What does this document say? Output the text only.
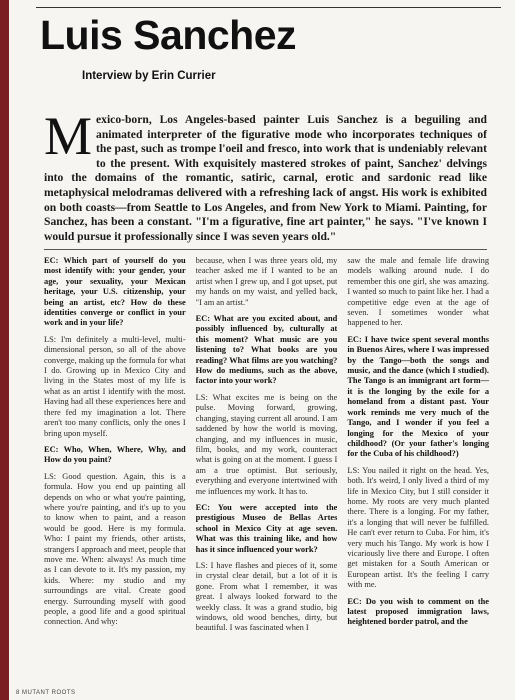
Luis Sanchez
Interview by Erin Currier
Mexico-born, Los Angeles-based painter Luis Sanchez is a beguiling and animated interpreter of the figurative mode who incorporates techniques of the past, such as trompe l'oeil and fresco, into work that is undeniably relevant to the present. With exquisitely mastered strokes of paint, Sanchez' delvings into the domains of the romantic, satiric, carnal, erotic and sardonic read like metaphysical melodramas delivered with a refreshing lack of angst. His work is exhibited on both coasts—from Seattle to Los Angeles, and from New York to Miami. Painting, for Sanchez, has been a constant. "I'm a figurative, fine art painter," he says. "I've known I would pursue it professionally since I was seven years old."

EC: Which part of yourself do you most identify with: your gender, your age, your sexuality, your Mexican heritage, your U.S. citizenship, your being an artist, etc? How do these identities converge or conflict in your work and in your life?

LS: I'm definitely a multi-level, multi-dimensional person, so all of the above converge, making up the formula for what I do. Growing up in Mexico City and living in the States most of my life is what as an artist I identify with the most. Having had all these experiences here and there fed my imagination a lot. There aren't too many conflicts, only the ones I bring upon myself.

EC: Who, When, Where, Why, and How do you paint?

LS: Good question. Again, this is a formula. How you end up painting all depends on who or what you're painting, where you're painting, and it's up to you to know when to paint, and a reason would be good. Here is my formula. Who: I paint my friends, other artists, strangers I approach and meet, people that move me. When: always! As much time as I can devote to it. It's my passion, my kids. Where: my studio and my surroundings are vital. Create good energy. Surrounding myself with good people, a good life and a good spiritual connection. And why:

because, when I was three years old, my teacher asked me if I wanted to be an artist when I grew up, and I got upset, put my hands on my waist, and yelled back, "I am an artist."

EC: What are you excited about, and possibly influenced by, culturally at this moment? What music are you listening to? What books are you reading? What films are you watching? How do mediums, such as the above, factor into your work?

LS: What excites me is being on the pulse. Moving forward, growing, changing, staying current all around. I am saddened by how the world is moving, changing, and my influences in music, film, books, and my work, counteract what is going on at the moment. I guess I am a true optimist. But seriously, everything and everyone intertwined with me influences my work. It has to.

EC: You were accepted into the prestigious Museo de Bellas Artes school in Mexico City at age seven. What was this training like, and how has it since influenced your work?

LS: I have flashes and pieces of it, some in crystal clear detail, but a lot of it is gone. From what I remember, it was great. I always looked forward to the weekly class. It was a grand studio, big windows, old wood benches, dirty, but beautiful. I was fascinated when I

saw the male and female life drawing models walking around nude. I do remember this one girl, she was amazing. I wanted so much to paint like her. I had a competitive edge even at the age of seven. I sometimes wonder what happened to her.

EC: I have twice spent several months in Buenos Aires, where I was impressed by the Tango—both the songs and music, and the dance (which I studied). The Tango is an immigrant art form—it is the longing by the exile for a homeland from a distant past. Your work reminds me very much of the Tango, and I wonder if you feel a longing for the Mexico of your childhood? (Or your father's longing for the Cuba of his childhood?)

LS: You nailed it right on the head. Yes, both. It's weird, I only lived a third of my life in Mexico City, but I still consider it home. My roots are very much planted there. There is a longing. For my father, it's a longing that will never be fulfilled. He can't ever return to Cuba. For him, it's very much his Tango. My work is how I vicariously live there and Europe. I often get mistaken for a South American or European artist. It's the feeling I carry with me.

EC: Do you wish to comment on the latest proposed immigration laws, heightened border patrol, and the

8 MUTANT ROOTS
